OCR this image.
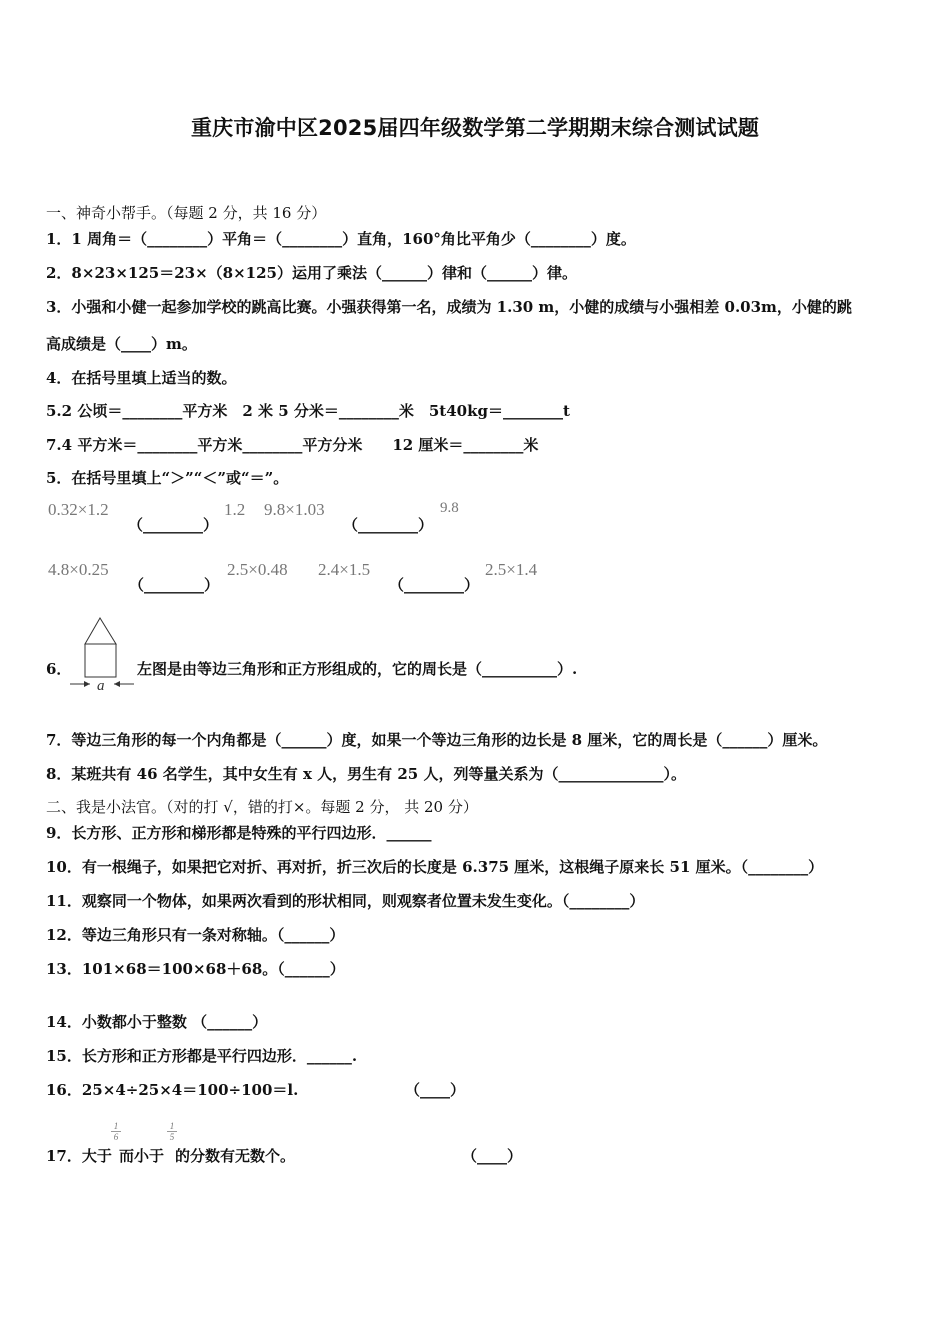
重庆市渝中区2025届四年级数学第二学期期末综合测试试题
一、神奇小帮手。（每题 2 分，共 16 分）
1．1 周角＝（________）平角＝（________）直角，160°角比平角少（________）度。
2．8×23×125＝23×（8×125）运用了乘法（______）律和（______）律。
3．小强和小健一起参加学校的跳高比赛。小强获得第一名，成绩为 1.30 m，小健的成绩与小强相差 0.03m，小健的跳
高成绩是（____）m。
4．在括号里填上适当的数。
5.2 公顷＝________平方米　2 米 5 分米＝________米　5t40kg＝________t
7.4 平方米＝________平方米________平方分米　　12 厘米＝________米
5．在括号里填上“＞”“＜”或“＝”。
0.32×1.2
（________）
1.2 9.8×1.03
（________）
9.8
4.8×0.25
（________）
2.5×0.48 2.4×1.5
（________）
2.5×1.4
6．
a
左图是由等边三角形和正方形组成的，它的周长是（__________）.
7．等边三角形的每一个内角都是（______）度，如果一个等边三角形的边长是 8 厘米，它的周长是（______）厘米。
8．某班共有 46 名学生，其中女生有 x 人，男生有 25 人，列等量关系为（______________）。
二、我是小法官。（对的打 √，错的打×。每题 2 分， 共 20 分）
9．长方形、正方形和梯形都是特殊的平行四边形．______
10．有一根绳子，如果把它对折、再对折，折三次后的长度是 6.375 厘米，这根绳子原来长 51 厘米。（________）
11．观察同一个物体，如果两次看到的形状相同，则观察者位置未发生变化。（________）
12．等边三角形只有一条对称轴。（______）
13．101×68＝100×68＋68。（______）
14．小数都小于整数 （______）
15．长方形和正方形都是平行四边形．______.
16．25×4÷25×4＝100÷100＝l.	（____）
17．大于
$\frac{1}{6}$
而小于
$\frac{1}{5}$
的分数有无数个。	（____）
